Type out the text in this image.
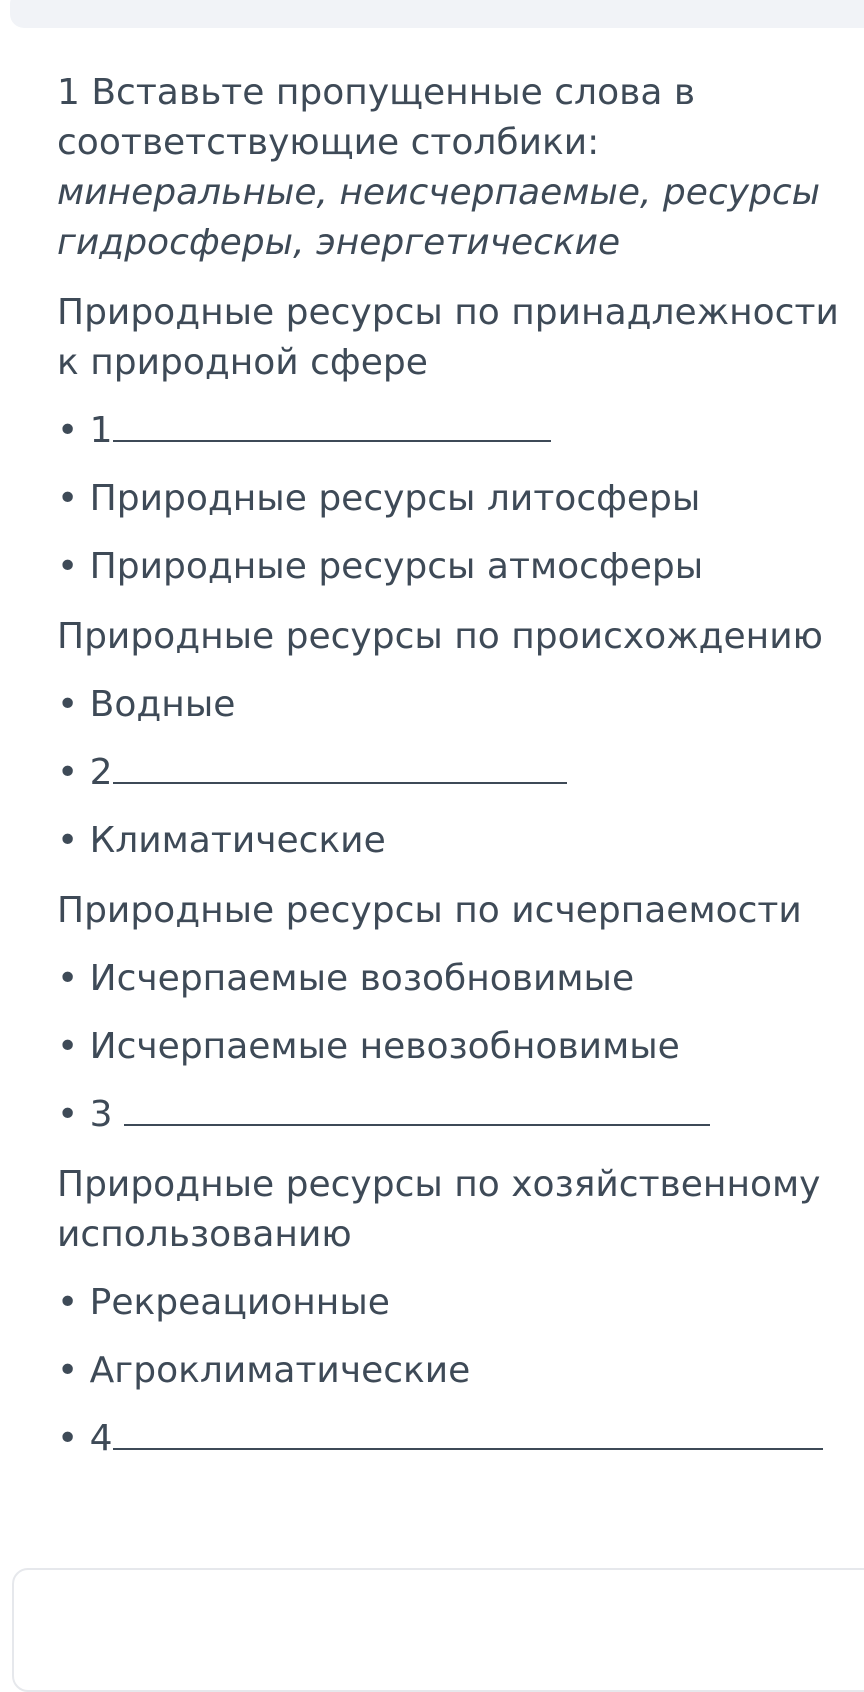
1 Вставьте пропущенные слова в соответствующие столбики: минеральные, неисчерпаемые, ресурсы гидросферы, энергетические

Природные ресурсы по принадлежности к природной сфере

• 1

• Природные ресурсы литосферы

• Природные ресурсы атмосферы

Природные ресурсы по происхождению

• Водные

• 2

• Климатические

Природные ресурсы по исчерпаемости

• Исчерпаемые возобновимые

• Исчерпаемые невозобновимые

• 3

Природные ресурсы по хозяйственному использованию

• Рекреационные

• Агроклиматические

• 4
